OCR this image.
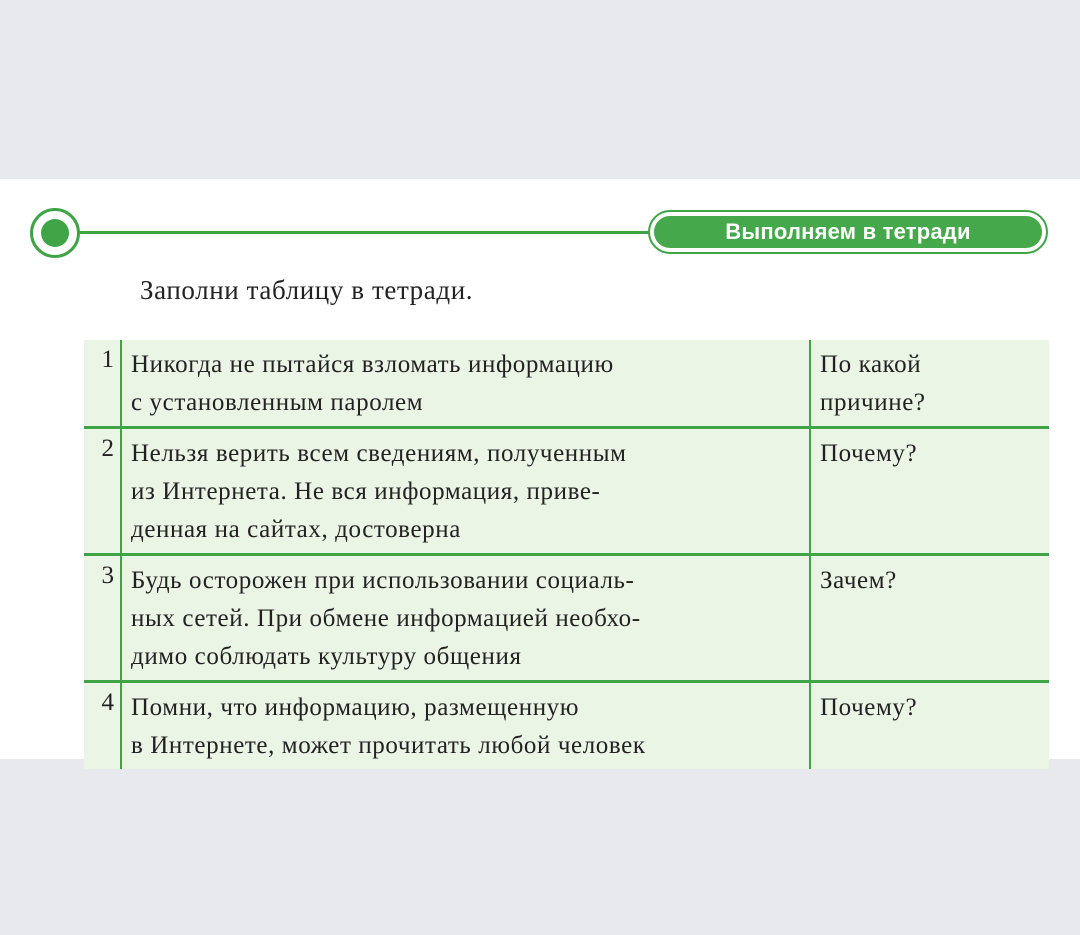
Выполняем в тетради
Заполни таблицу в тетради.
1 Никогда не пытайся взломать информацию
с установленным паролем
По какой
причине?
2 Нельзя верить всем сведениям, полученным
из Интернета. Не вся информация, приве-
денная на сайтах, достоверна
Почему?
3 Будь осторожен при использовании социаль-
ных сетей. При обмене информацией необхо-
димо соблюдать культуру общения
Зачем?
4 Помни, что информацию, размещенную
в Интернете, может прочитать любой человек
Почему?
